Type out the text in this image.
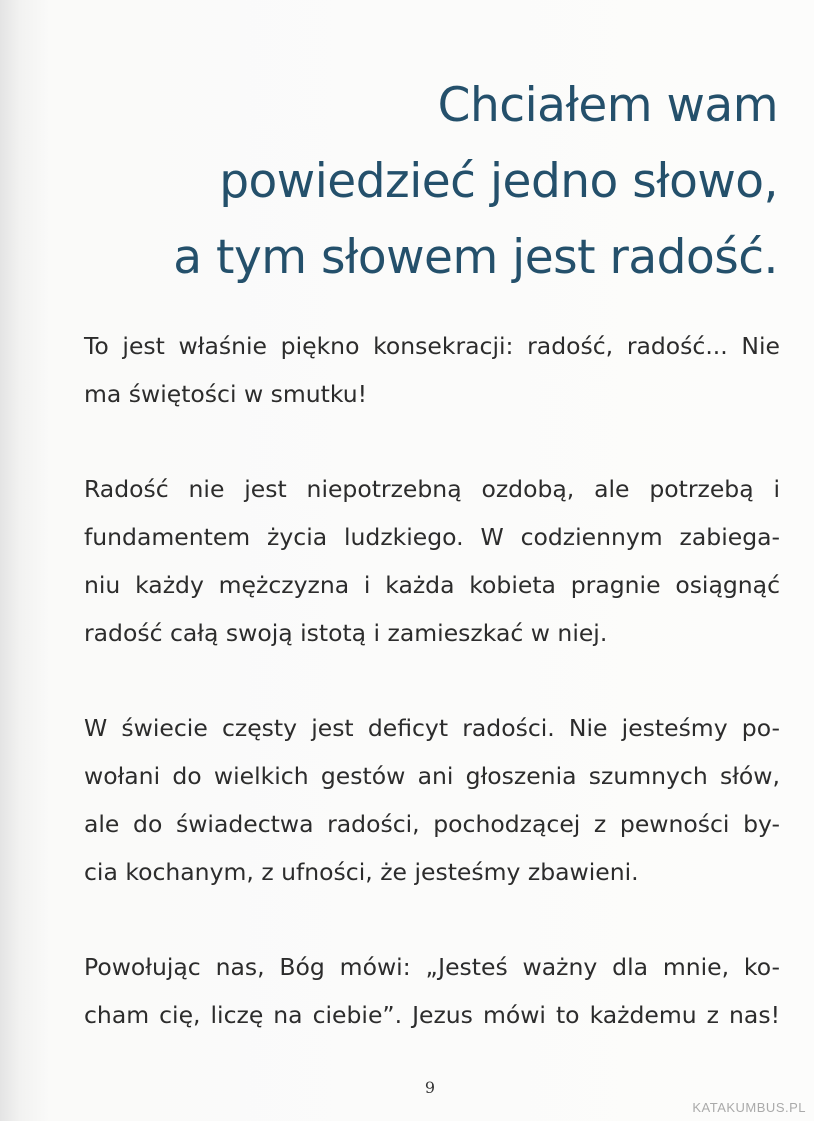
Chciałem wam
powiedzieć jedno słowo,
a tym słowem jest radość.

To jest właśnie piękno konsekracji: radość, radość... Nie
ma świętości w smutku!

Radość nie jest niepotrzebną ozdobą, ale potrzebą i
fundamentem życia ludzkiego. W codziennym zabiega-
niu każdy mężczyzna i każda kobieta pragnie osiągnąć
radość całą swoją istotą i zamieszkać w niej.

W świecie częsty jest deficyt radości. Nie jesteśmy po-
wołani do wielkich gestów ani głoszenia szumnych słów,
ale do świadectwa radości, pochodzącej z pewności by-
cia kochanym, z ufności, że jesteśmy zbawieni.

Powołując nas, Bóg mówi: „Jesteś ważny dla mnie, ko-
cham cię, liczę na ciebie”. Jezus mówi to każdemu z nas!

9
KATAKUMBUS.PL
